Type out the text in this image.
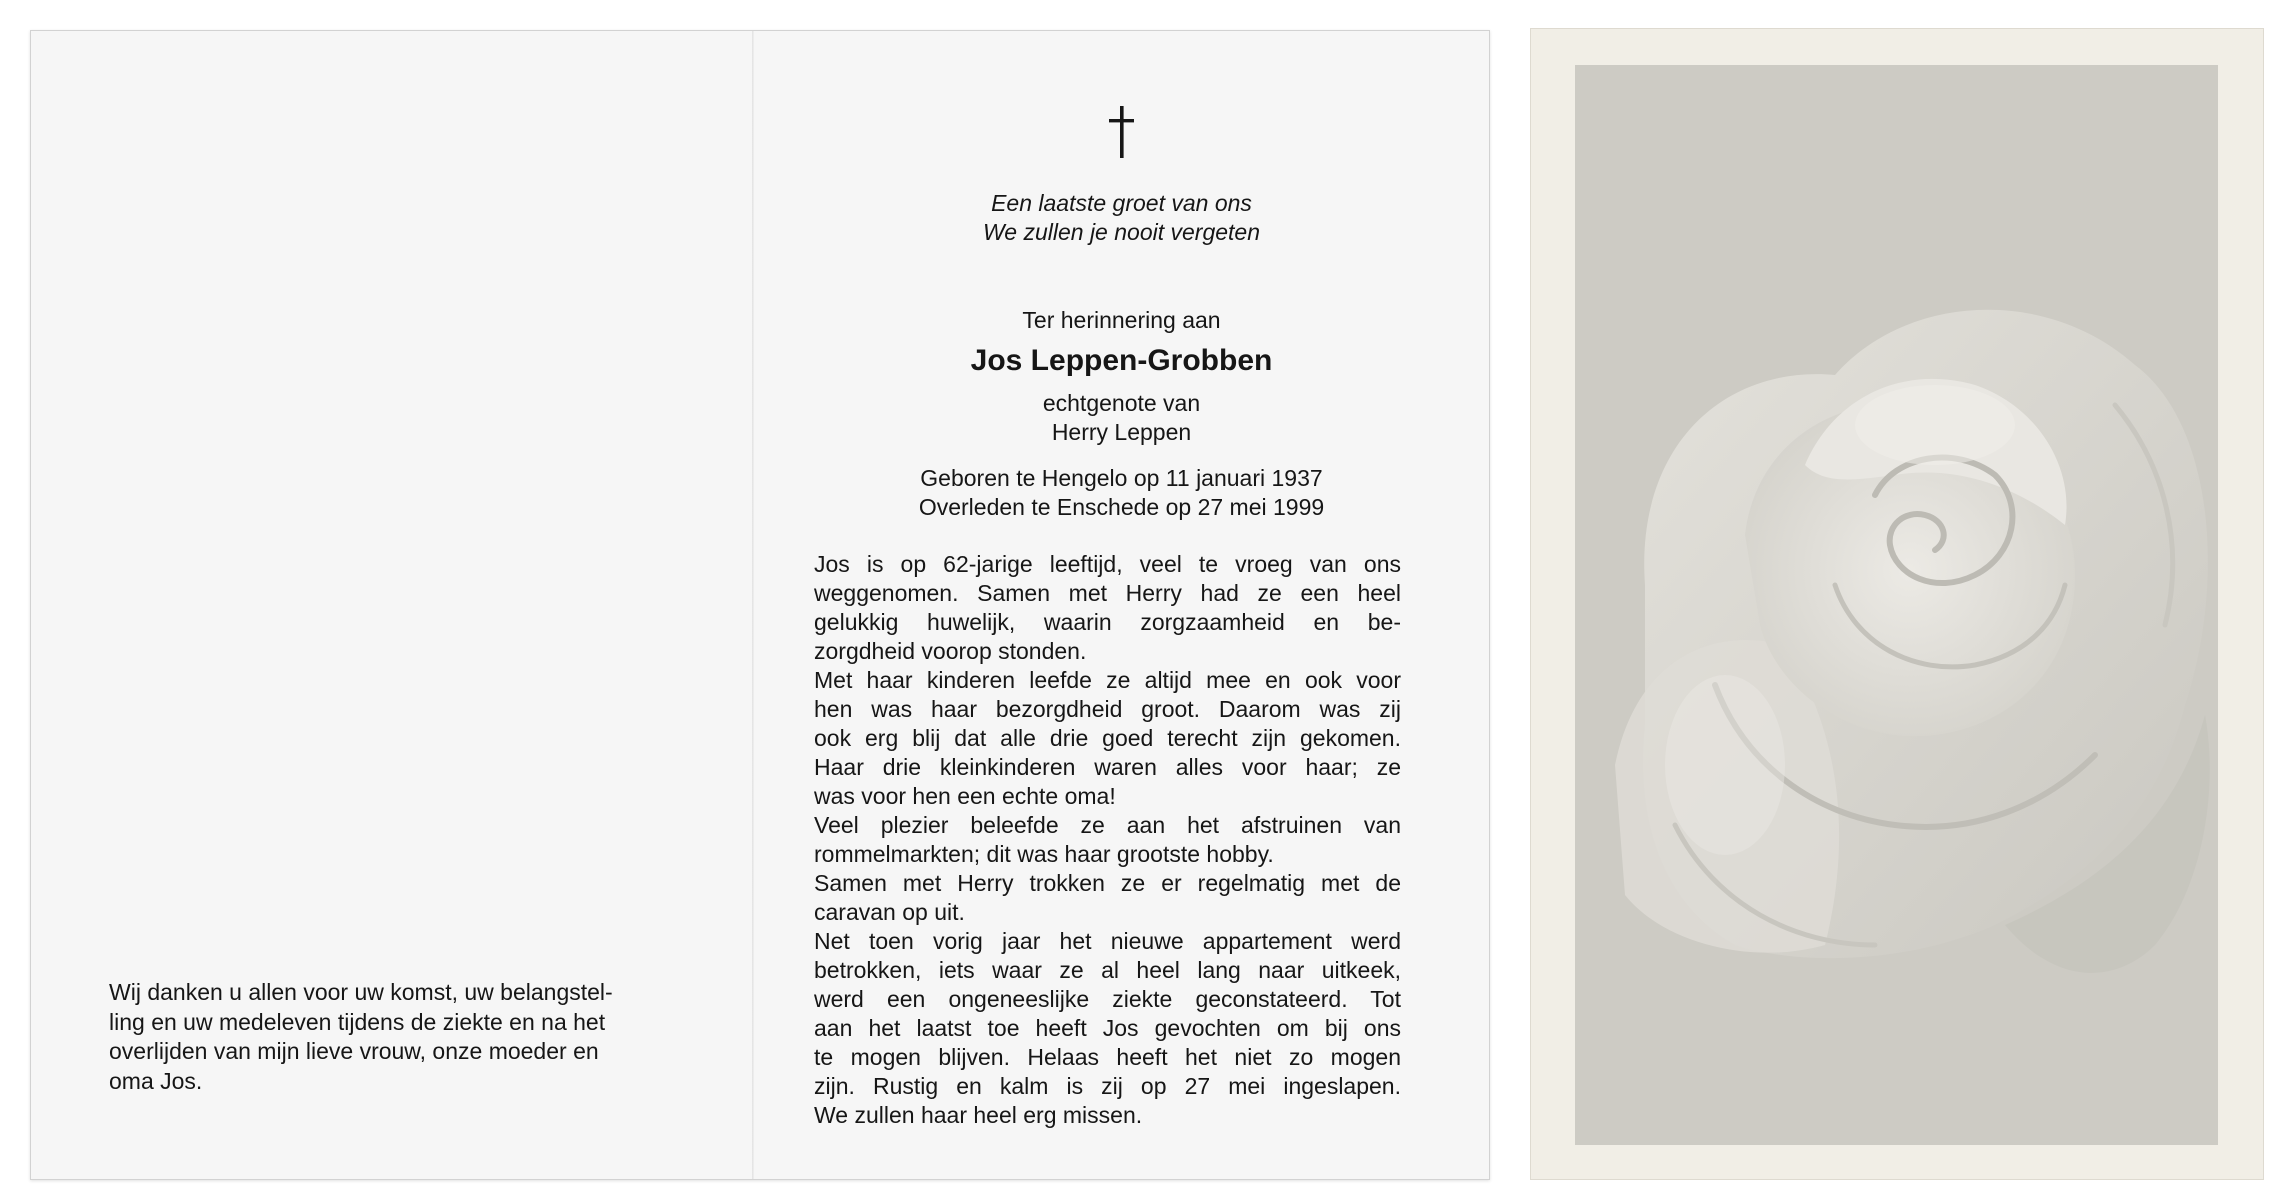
Wij danken u allen voor uw komst, uw belangstel-
ling en uw medeleven tijdens de ziekte en na het
overlijden van mijn lieve vrouw, onze moeder en
oma Jos.
Een laatste groet van ons
We zullen je nooit vergeten
Ter herinnering aan
Jos Leppen-Grobben
echtgenote van
Herry Leppen
Geboren te Hengelo op 11 januari 1937
Overleden te Enschede op 27 mei 1999
Jos is op 62-jarige leeftijd, veel te vroeg van ons
weggenomen. Samen met Herry had ze een heel
gelukkig huwelijk, waarin zorgzaamheid en be-
zorgdheid voorop stonden.
Met haar kinderen leefde ze altijd mee en ook voor
hen was haar bezorgdheid groot. Daarom was zij
ook erg blij dat alle drie goed terecht zijn gekomen.
Haar drie kleinkinderen waren alles voor haar; ze
was voor hen een echte oma!
Veel plezier beleefde ze aan het afstruinen van
rommelmarkten; dit was haar grootste hobby.
Samen met Herry trokken ze er regelmatig met de
caravan op uit.
Net toen vorig jaar het nieuwe appartement werd
betrokken, iets waar ze al heel lang naar uitkeek,
werd een ongeneeslijke ziekte geconstateerd. Tot
aan het laatst toe heeft Jos gevochten om bij ons
te mogen blijven. Helaas heeft het niet zo mogen
zijn. Rustig en kalm is zij op 27 mei ingeslapen.
We zullen haar heel erg missen.
